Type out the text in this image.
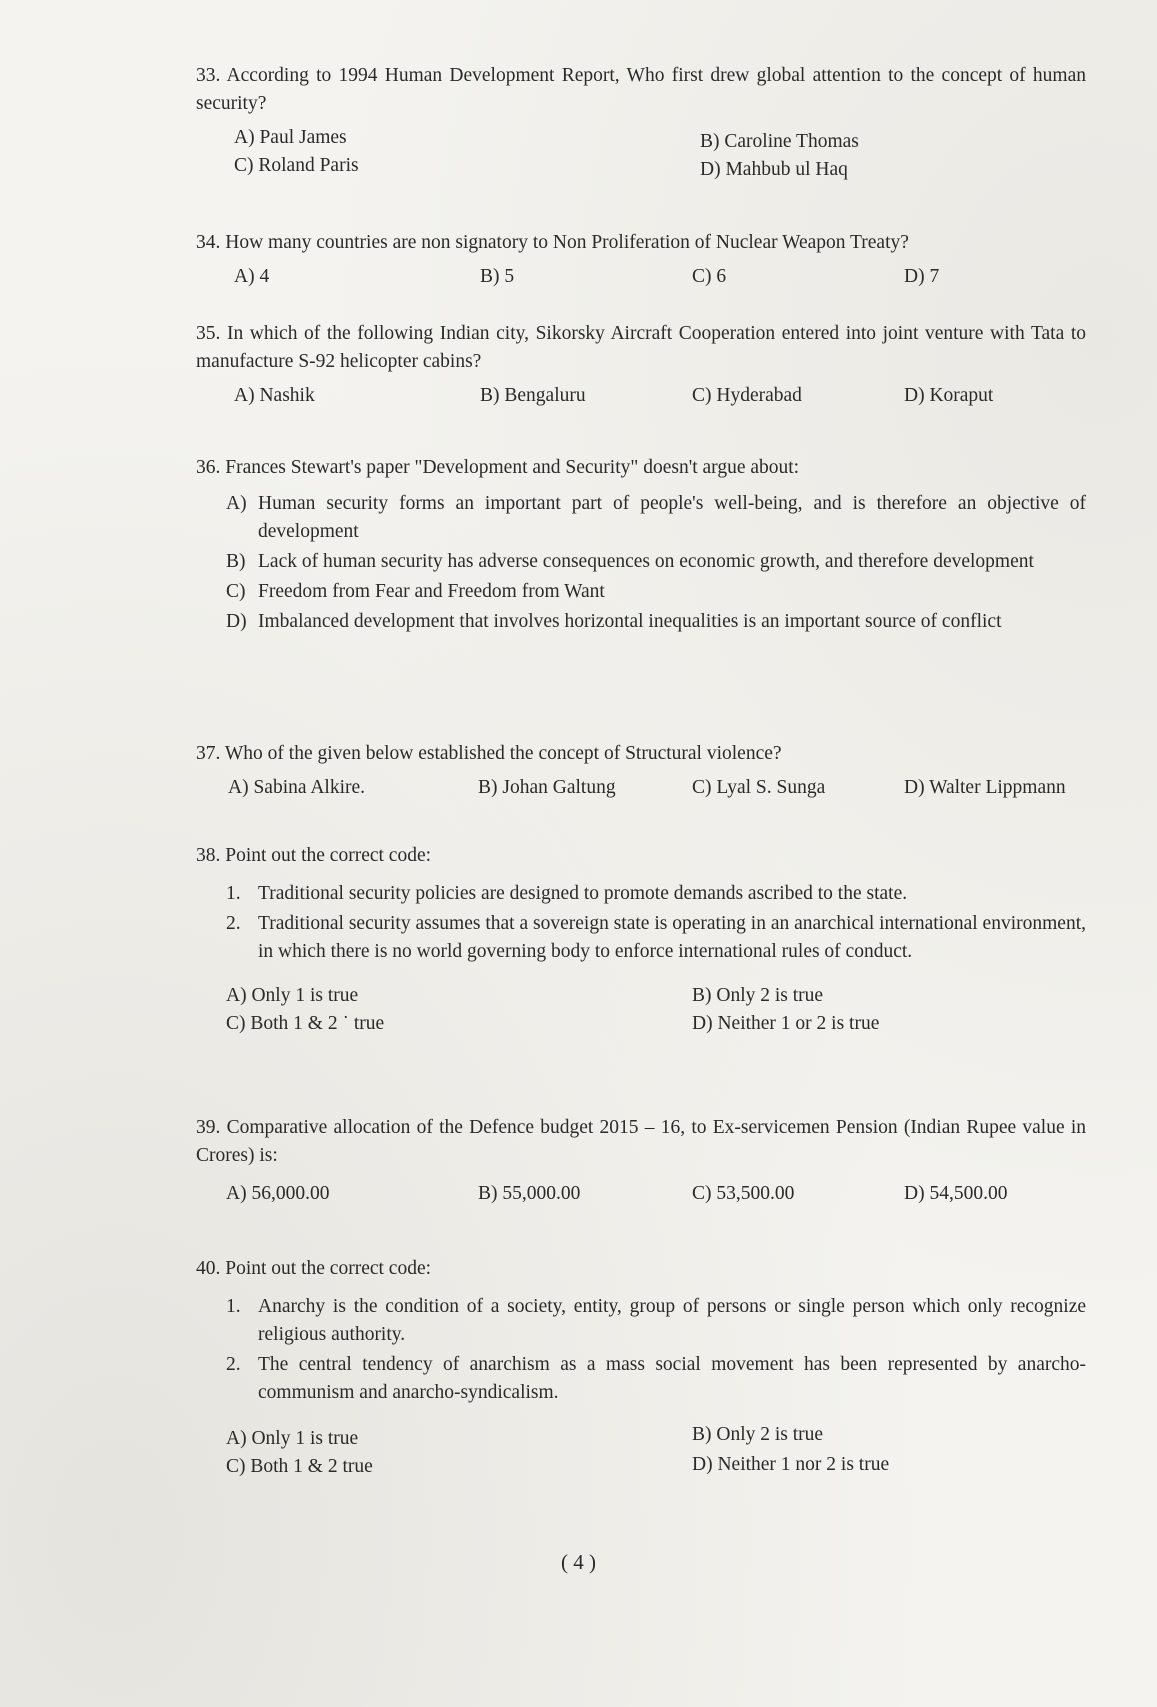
33. According to 1994 Human Development Report, Who first drew global attention to the concept of human security?

A) Paul James	B) Caroline Thomas
C) Roland Paris	D) Mahbub ul Haq

34. How many countries are non signatory to Non Proliferation of Nuclear Weapon Treaty?

A) 4	B) 5	C) 6	D) 7

35. In which of the following Indian city, Sikorsky Aircraft Cooperation entered into joint venture with Tata to manufacture S-92 helicopter cabins?

A) Nashik	B) Bengaluru	C) Hyderabad	D) Koraput

36. Frances Stewart's paper "Development and Security" doesn't argue about:

A) Human security forms an important part of people's well-being, and is therefore an objective of development
B) Lack of human security has adverse consequences on economic growth, and therefore development
C) Freedom from Fear and Freedom from Want
D) Imbalanced development that involves horizontal inequalities is an important source of conflict

37. Who of the given below established the concept of Structural violence?

A) Sabina Alkire.	B) Johan Galtung	C) Lyal S. Sunga	D) Walter Lippmann

38. Point out the correct code:

1. Traditional security policies are designed to promote demands ascribed to the state.
2. Traditional security assumes that a sovereign state is operating in an anarchical international environment, in which there is no world governing body to enforce international rules of conduct.
A) Only 1 is true	B) Only 2 is true
C) Both 1 & 2 ˙ true	D) Neither 1 or 2 is true

39. Comparative allocation of the Defence budget 2015 – 16, to Ex-servicemen Pension (Indian Rupee value in Crores) is:

A) 56,000.00	B) 55,000.00	C) 53,500.00	D) 54,500.00

40. Point out the correct code:

1. Anarchy is the condition of a society, entity, group of persons or single person which only recognize religious authority.
2. The central tendency of anarchism as a mass social movement has been represented by anarcho-communism and anarcho-syndicalism.
A) Only 1 is true	B) Only 2 is true
C) Both 1 & 2 true	D) Neither 1 nor 2 is true
( 4 )
